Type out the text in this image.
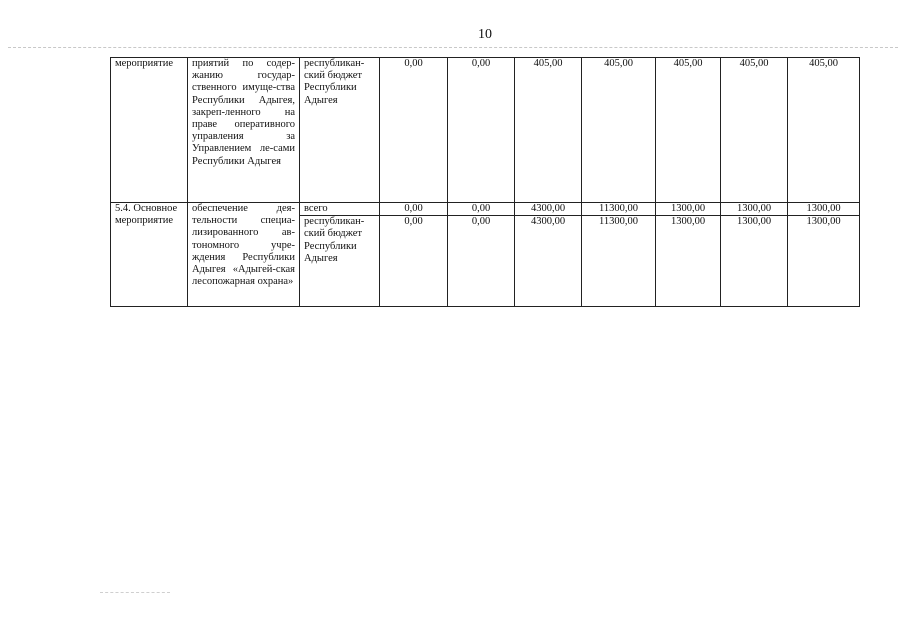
10
мероприятие	приятий по содер-жанию государ-ственного имуще-ства Республики Адыгея, закреп-ленного на праве оперативного управления за Управлением ле-сами Республики Адыгея	республикан-ский бюджет Республики Адыгея	0,00	0,00	405,00	405,00	405,00	405,00	405,00
5.4. Основное мероприятие	обеспечение дея-тельности специа-лизированного ав-тономного учре-ждения Республики Адыгея «Адыгей-ская лесопожарная охрана»	всего	0,00	0,00	4300,00	11300,00	1300,00	1300,00	1300,00
		республикан-ский бюджет Республики Адыгея	0,00	0,00	4300,00	11300,00	1300,00	1300,00	1300,00
